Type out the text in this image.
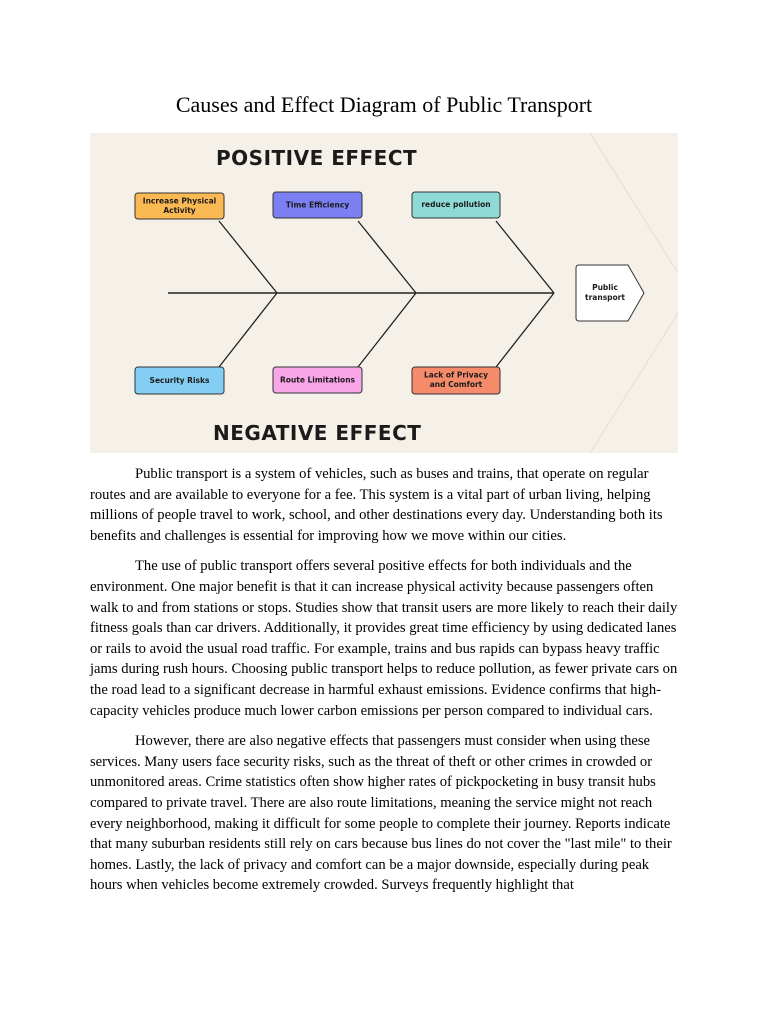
Causes and Effect Diagram of Public Transport
POSITIVE EFFECT
NEGATIVE EFFECT
Increase Physical
Activity
Time Efficiency	reduce pollution
Security Risks	Route Limitations
Lack of Privacy
and Comfort
Public
transport

Public transport is a system of vehicles, such as buses and trains, that operate on regular routes and are available to everyone for a fee. This system is a vital part of urban living, helping millions of people travel to work, school, and other destinations every day. Understanding both its benefits and challenges is essential for improving how we move within our cities.

The use of public transport offers several positive effects for both individuals and the environment. One major benefit is that it can increase physical activity because passengers often walk to and from stations or stops. Studies show that transit users are more likely to reach their daily fitness goals than car drivers. Additionally, it provides great time efficiency by using dedicated lanes or rails to avoid the usual road traffic. For example, trains and bus rapids can bypass heavy traffic jams during rush hours. Choosing public transport helps to reduce pollution, as fewer private cars on the road lead to a significant decrease in harmful exhaust emissions. Evidence confirms that high-capacity vehicles produce much lower carbon emissions per person compared to individual cars.

However, there are also negative effects that passengers must consider when using these services. Many users face security risks, such as the threat of theft or other crimes in crowded or unmonitored areas. Crime statistics often show higher rates of pickpocketing in busy transit hubs compared to private travel. There are also route limitations, meaning the service might not reach every neighborhood, making it difficult for some people to complete their journey. Reports indicate that many suburban residents still rely on cars because bus lines do not cover the "last mile" to their homes. Lastly, the lack of privacy and comfort can be a major downside, especially during peak hours when vehicles become extremely crowded. Surveys frequently highlight that
